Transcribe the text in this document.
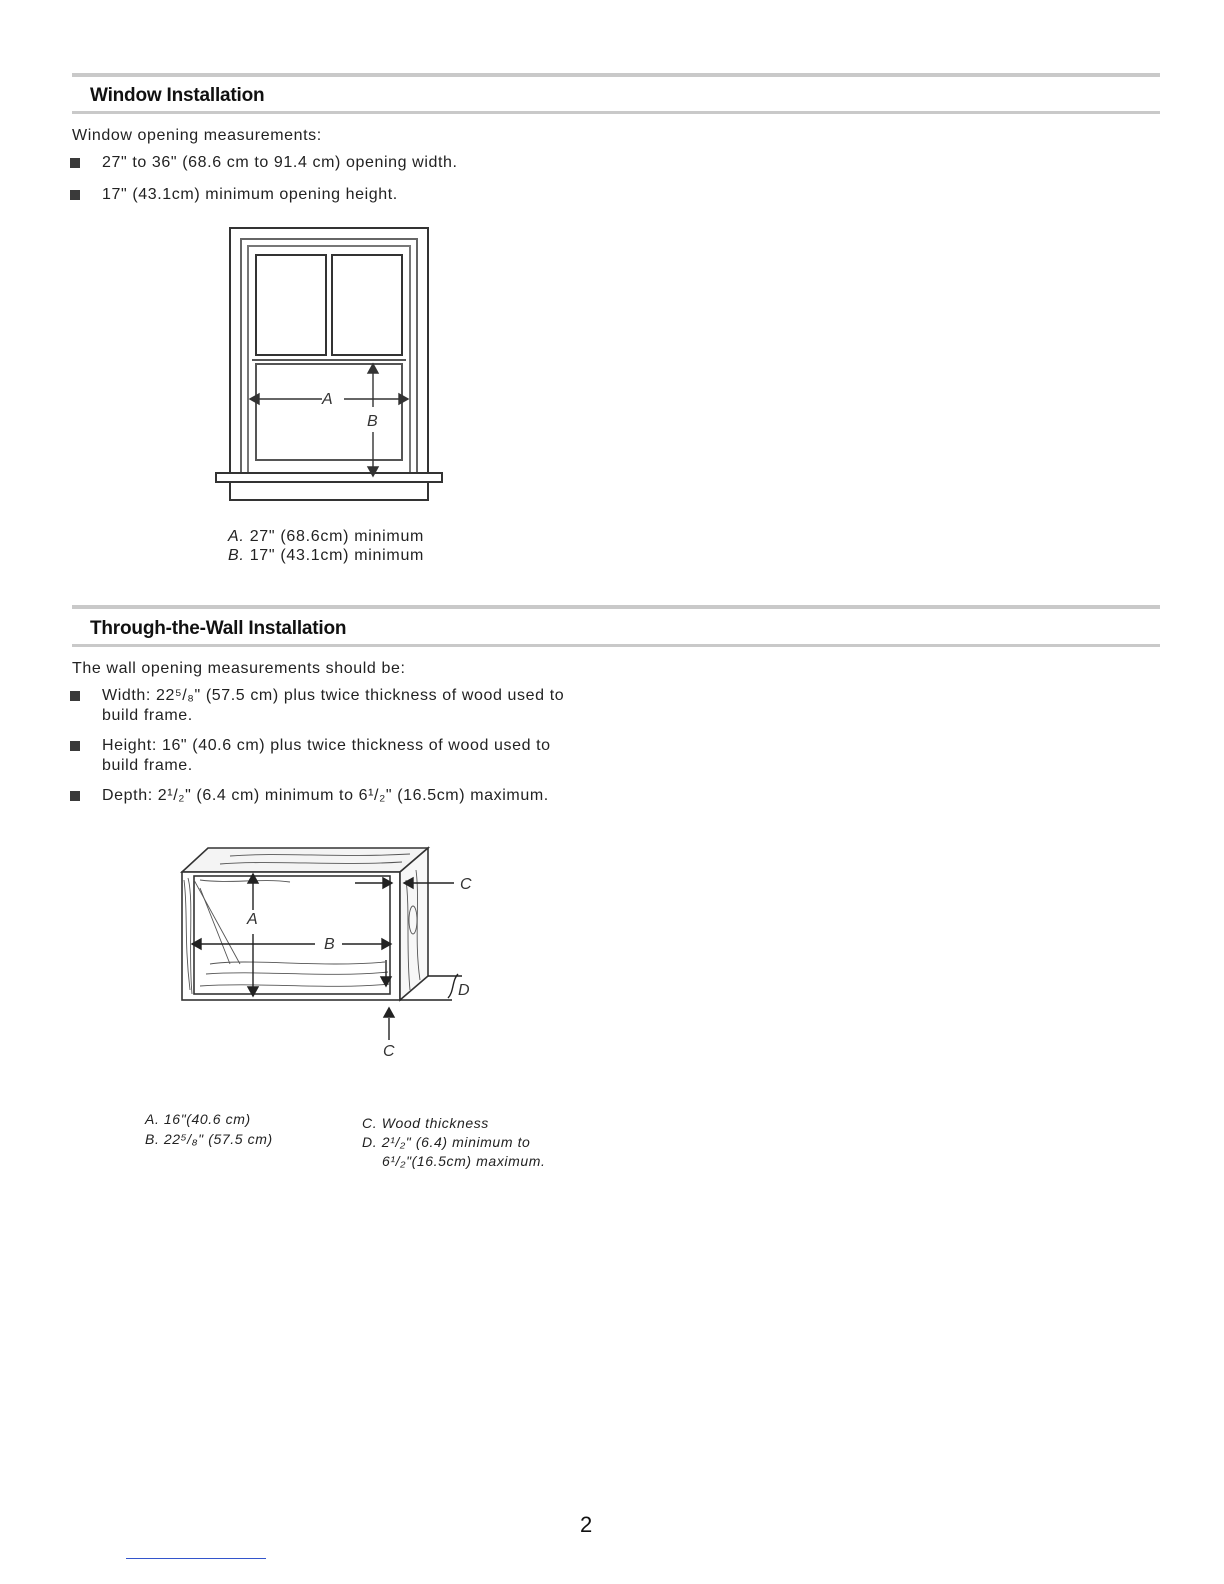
Window Installation
Window opening measurements:
27" to 36" (68.6 cm to 91.4 cm) opening width.
17" (43.1cm) minimum opening height.
A
B
A. 27" (68.6cm) minimum
B. 17" (43.1cm) minimum
Through-the-Wall Installation
The wall opening measurements should be:
Width: 22⁵/₈" (57.5 cm) plus twice thickness of wood used to build frame.
Height: 16" (40.6 cm) plus twice thickness of wood used to build frame.
Depth: 2¹/₂" (6.4 cm) minimum to 6¹/₂" (16.5cm) maximum.
A
B
C
D
C
A. 16"(40.6 cm)
B. 22⁵/₈" (57.5 cm)
C. Wood thickness
D. 2¹/₂" (6.4) minimum to
6¹/₂"(16.5cm) maximum.
2
